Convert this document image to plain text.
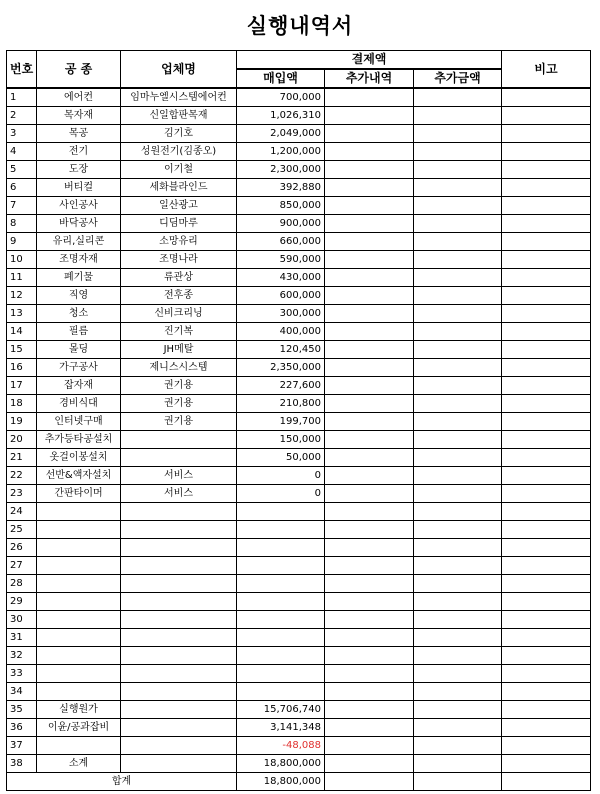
실행내역서
번호	공 종	업체명	결제액			비고
			매입액	추가내역	추가금액	
1	에어컨	임마누엘시스템에어컨	700,000			
2	목자재	신일합판목재	1,026,310			
3	목공	김기호	2,049,000			
4	전기	성원전기(김종오)	1,200,000			
5	도장	이기철	2,300,000			
6	버티컬	세화블라인드	392,880			
7	사인공사	일산광고	850,000			
8	바닥공사	디딤마루	900,000			
9	유리,실리콘	소망유리	660,000			
10	조명자재	조명나라	590,000			
11	폐기물	류관상	430,000			
12	직영	전후종	600,000			
13	청소	신비크리닝	300,000			
14	필름	진기복	400,000			
15	몰딩	JH메탈	120,450			
16	가구공사	제니스시스템	2,350,000			
17	잡자재	권기용	227,600			
18	경비식대	권기용	210,800			
19	인터넷구매	권기용	199,700			
20	추가등타공설치		150,000			
21	옷걸이봉설치		50,000			
22	선반&액자설치	서비스	0			
23	간판타이머	서비스	0			
24						
25						
26						
27						
28						
29						
30						
31						
32						
33						
34						
35	실행원가		15,706,740			
36	이윤/공과잡비		3,141,348			
37			-48,088			
38	소계		18,800,000			
합계			18,800,000			
